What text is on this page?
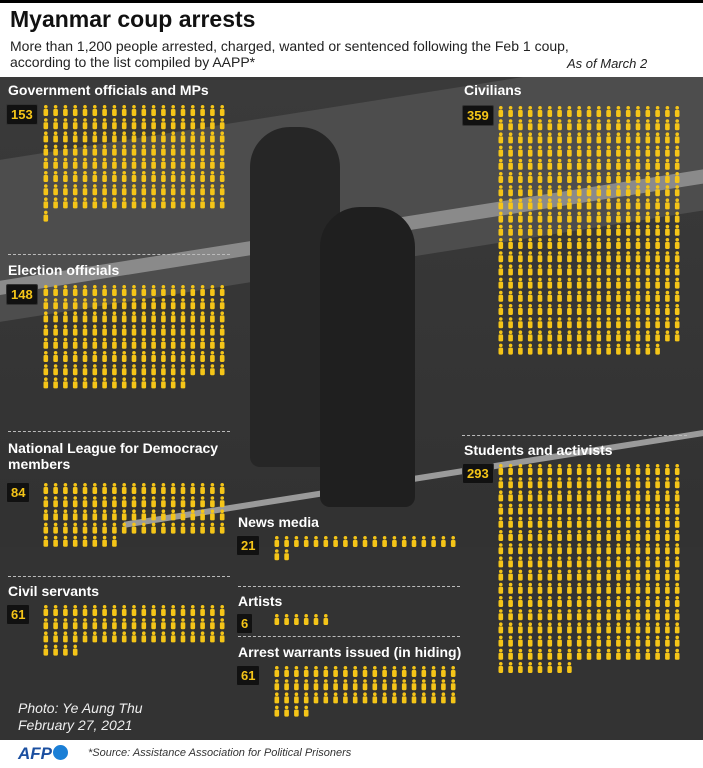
Myanmar coup arrests
More than 1,200 people arrested, charged, wanted or sentenced following the Feb 1 coup, according to the list compiled by AAPP*	As of March 2
Government officials and MPs
153
Election officials
148
National League for Democracy members
84
Civil servants
61
News media
21
Artists
6
Arrest warrants issued (in hiding)
61
Civilians
359
Students and activists
293
Photo: Ye Aung Thu
February 27, 2021
AFP	*Source: Assistance Association for Political Prisoners
